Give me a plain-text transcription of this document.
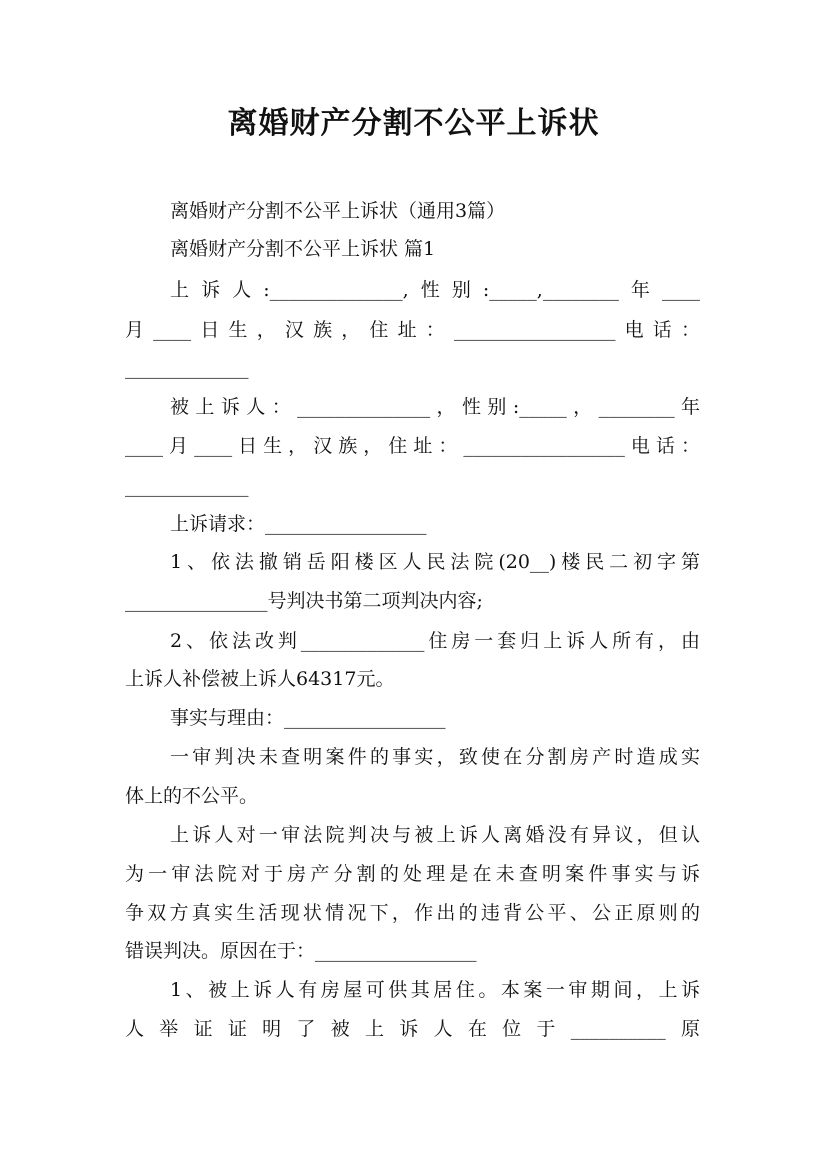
离婚财产分割不公平上诉状
离婚财产分割不公平上诉状（通用3篇）
离婚财产分割不公平上诉状 篇1
上诉人:______________,性别:_____,________年____
月____日生，汉族，住址：_________________电话：
_____________
被上诉人：______________，性别:_____，________年
____月____日生，汉族，住址：_________________电话：
_____________
上诉请求：_________________
1、依法撤销岳阳楼区人民法院(20__)楼民二初字第
_______________号判决书第二项判决内容;
2、依法改判_____________住房一套归上诉人所有，由
上诉人补偿被上诉人64317元。
事实与理由：_________________
一审判决未查明案件的事实，致使在分割房产时造成实
体上的不公平。
上诉人对一审法院判决与被上诉人离婚没有异议，但认
为一审法院对于房产分割的处理是在未查明案件事实与诉
争双方真实生活现状情况下，作出的违背公平、公正原则的
错误判决。原因在于：_________________
1、被上诉人有房屋可供其居住。本案一审期间，上诉
人举证证明了被上诉人在位于__________原
